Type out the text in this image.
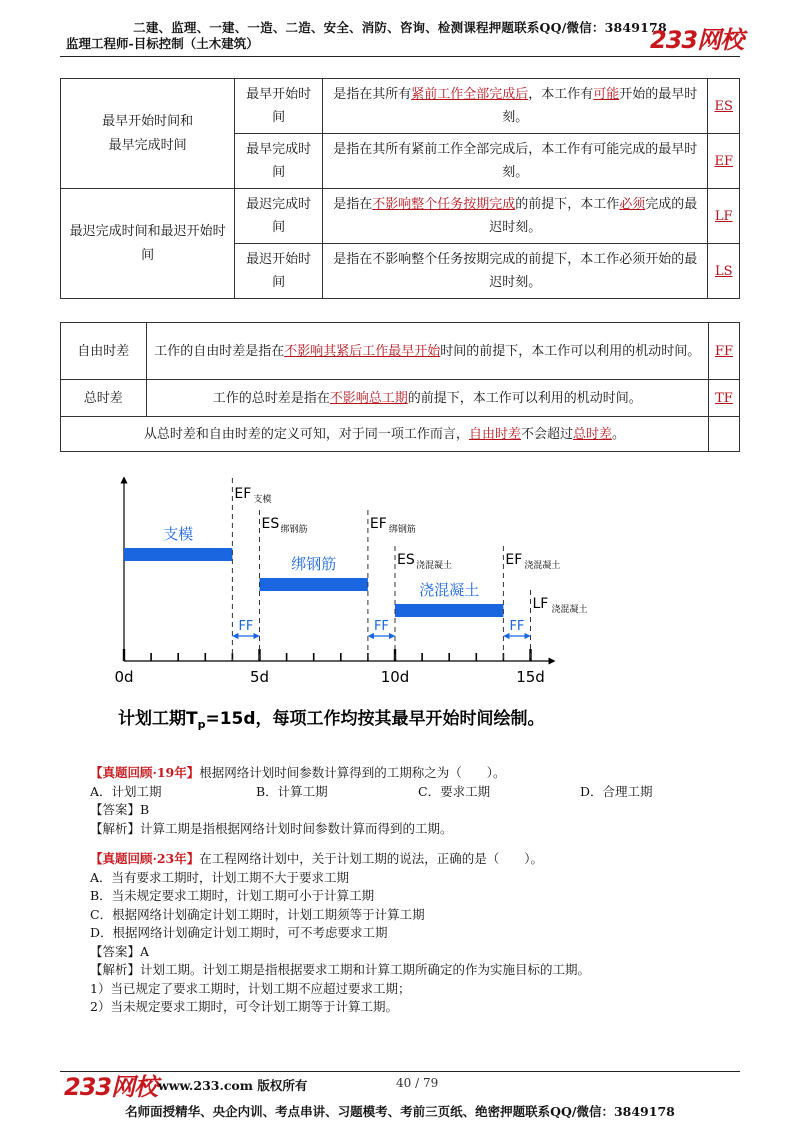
二建、监理、一建、一造、二造、安全、消防、咨询、检测课程押题联系QQ/微信：3849178
监理工程师-目标控制（土木建筑）	233网校
最早开始时间和
最早完成时间	最早开始时间	是指在其所有紧前工作全部完成后，本工作有可能开始的最早时刻。	ES
	最早完成时间	是指在其所有紧前工作全部完成后，本工作有可能完成的最早时刻。	EF
最迟完成时间和最迟开始时间	最迟完成时间	是指在不影响整个任务按期完成的前提下，本工作必须完成的最迟时刻。	LF
	最迟开始时间	是指在不影响整个任务按期完成的前提下，本工作必须开始的最迟时刻。	LS
自由时差	工作的自由时差是指在不影响其紧后工作最早开始时间的前提下，本工作可以利用的机动时间。	FF
总时差	工作的总时差是指在不影响总工期的前提下，本工作可以利用的机动时间。	TF
从总时差和自由时差的定义可知，对于同一项工作而言，自由时差不会超过总时差。		
0d	5d	10d	15d
支模
绑钢筋
浇混凝土
EF 支模
ES 绑钢筋	EF 绑钢筋
ES 浇混凝土	EF 浇混凝土
LF 浇混凝土
FF	FF	FF
计划工期$T_p=15d$，每项工作均按其最早开始时间绘制。
【真题回顾·19年】根据网络计划时间参数计算得到的工期称之为（　　）。
A．计划工期	B．计算工期	C．要求工期	D．合理工期
【答案】B
【解析】计算工期是指根据网络计划时间参数计算而得到的工期。
【真题回顾·23年】在工程网络计划中，关于计划工期的说法，正确的是（　　）。
A．当有要求工期时，计划工期不大于要求工期
B．当未规定要求工期时，计划工期可小于计算工期
C．根据网络计划确定计划工期时，计划工期须等于计算工期
D．根据网络计划确定计划工期时，可不考虑要求工期
【答案】A
【解析】计划工期。计划工期是指根据要求工期和计算工期所确定的作为实施目标的工期。
1）当已规定了要求工期时，计划工期不应超过要求工期；
2）当未规定要求工期时，可令计划工期等于计算工期。
233网校 www.233.com 版权所有	40 / 79
名师面授精华、央企内训、考点串讲、习题模考、考前三页纸、绝密押题联系QQ/微信：3849178
